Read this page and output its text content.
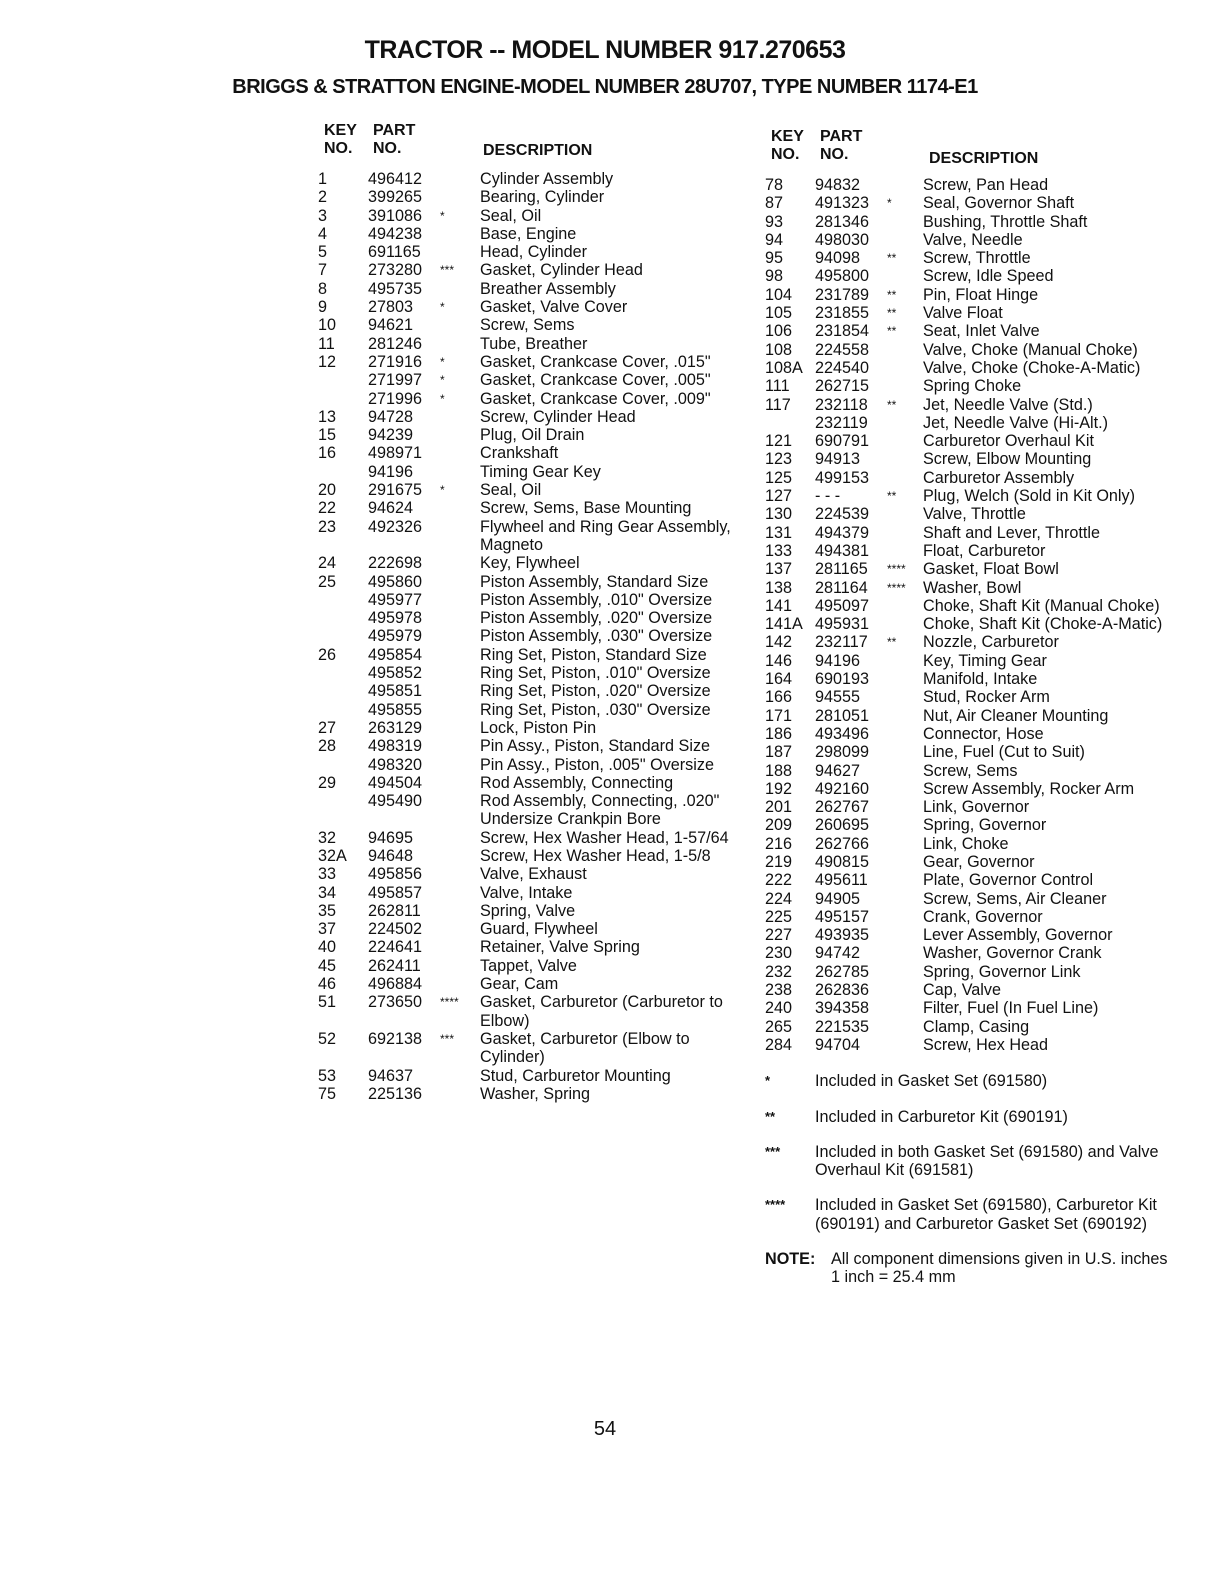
TRACTOR -- MODEL NUMBER 917.270653
BRIGGS & STRATTON ENGINE-MODEL NUMBER 28U707, TYPE NUMBER 1174-E1
KEY
NO.
PART
NO.	DESCRIPTION
1	496412		Cylinder Assembly
2	399265		Bearing, Cylinder
3	391086	*	Seal, Oil
4	494238		Base, Engine
5	691165		Head, Cylinder
7	273280	***	Gasket, Cylinder Head
8	495735		Breather Assembly
9	27803	*	Gasket, Valve Cover
10	94621		Screw, Sems
11	281246		Tube, Breather
12	271916	*	Gasket, Crankcase Cover, .015"
	271997	*	Gasket, Crankcase Cover, .005"
	271996	*	Gasket, Crankcase Cover, .009"
13	94728		Screw, Cylinder Head
15	94239		Plug, Oil Drain
16	498971		Crankshaft
	94196		Timing Gear Key
20	291675	*	Seal, Oil
22	94624		Screw, Sems, Base Mounting
23	492326		Flywheel and Ring Gear Assembly, Magneto
24	222698		Key, Flywheel
25	495860		Piston Assembly, Standard Size
	495977		Piston Assembly, .010" Oversize
	495978		Piston Assembly, .020" Oversize
	495979		Piston Assembly, .030" Oversize
26	495854		Ring Set, Piston, Standard Size
	495852		Ring Set, Piston, .010" Oversize
	495851		Ring Set, Piston, .020" Oversize
	495855		Ring Set, Piston, .030" Oversize
27	263129		Lock, Piston Pin
28	498319		Pin Assy., Piston, Standard Size
	498320		Pin Assy., Piston, .005" Oversize
29	494504		Rod Assembly, Connecting
	495490		Rod Assembly, Connecting, .020" Undersize Crankpin Bore
32	94695		Screw, Hex Washer Head, 1-57/64
32A	94648		Screw, Hex Washer Head, 1-5/8
33	495856		Valve, Exhaust
34	495857		Valve, Intake
35	262811		Spring, Valve
37	224502		Guard, Flywheel
40	224641		Retainer, Valve Spring
45	262411		Tappet, Valve
46	496884		Gear, Cam
51	273650	****	Gasket, Carburetor (Carburetor to Elbow)
52	692138	***	Gasket, Carburetor (Elbow to Cylinder)
53	94637		Stud, Carburetor Mounting
75	225136		Washer, Spring
KEY
NO.
PART
NO.	DESCRIPTION
78	94832		Screw, Pan Head
87	491323	*	Seal, Governor Shaft
93	281346		Bushing, Throttle Shaft
94	498030		Valve, Needle
95	94098	**	Screw, Throttle
98	495800		Screw, Idle Speed
104	231789	**	Pin, Float Hinge
105	231855	**	Valve Float
106	231854	**	Seat, Inlet Valve
108	224558		Valve, Choke (Manual Choke)
108A	224540		Valve, Choke (Choke-A-Matic)
111	262715		Spring Choke
117	232118	**	Jet, Needle Valve (Std.)
	232119		Jet, Needle Valve (Hi-Alt.)
121	690791		Carburetor Overhaul Kit
123	94913		Screw, Elbow Mounting
125	499153		Carburetor Assembly
127	- - -	**	Plug, Welch (Sold in Kit Only)
130	224539		Valve, Throttle
131	494379		Shaft and Lever, Throttle
133	494381		Float, Carburetor
137	281165	****	Gasket, Float Bowl
138	281164	****	Washer, Bowl
141	495097		Choke, Shaft Kit (Manual Choke)
141A	495931		Choke, Shaft Kit (Choke-A-Matic)
142	232117	**	Nozzle, Carburetor
146	94196		Key, Timing Gear
164	690193		Manifold, Intake
166	94555		Stud, Rocker Arm
171	281051		Nut, Air Cleaner Mounting
186	493496		Connector, Hose
187	298099		Line, Fuel (Cut to Suit)
188	94627		Screw, Sems
192	492160		Screw Assembly, Rocker Arm
201	262767		Link, Governor
209	260695		Spring, Governor
216	262766		Link, Choke
219	490815		Gear, Governor
222	495611		Plate, Governor Control
224	94905		Screw, Sems, Air Cleaner
225	495157		Crank, Governor
227	493935		Lever Assembly, Governor
230	94742		Washer, Governor Crank
232	262785		Spring, Governor Link
238	262836		Cap, Valve
240	394358		Filter, Fuel (In Fuel Line)
265	221535		Clamp, Casing
284	94704		Screw, Hex Head
*	Included in Gasket Set (691580)
**	Included in Carburetor Kit (690191)
***	Included in both Gasket Set (691580) and Valve Overhaul Kit (691581)
****	Included in Gasket Set (691580), Carburetor Kit (690191) and Carburetor Gasket Set (690192)
NOTE: All component dimensions given in U.S. inches 1 inch = 25.4 mm
54
